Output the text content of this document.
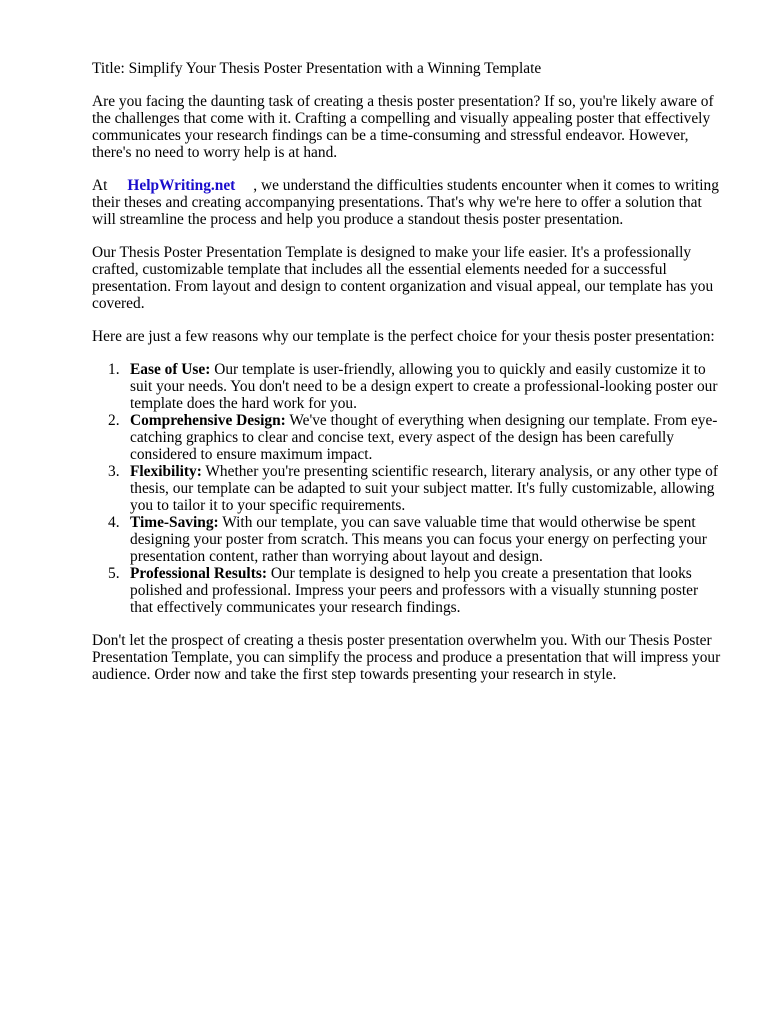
Title: Simplify Your Thesis Poster Presentation with a Winning Template

Are you facing the daunting task of creating a thesis poster presentation? If so, you're likely aware of the challenges that come with it. Crafting a compelling and visually appealing poster that effectively communicates your research findings can be a time-consuming and stressful endeavor. However, there's no need to worry help is at hand.

At HelpWriting.net , we understand the difficulties students encounter when it comes to writing their theses and creating accompanying presentations. That's why we're here to offer a solution that will streamline the process and help you produce a standout thesis poster presentation.

Our Thesis Poster Presentation Template is designed to make your life easier. It's a professionally crafted, customizable template that includes all the essential elements needed for a successful presentation. From layout and design to content organization and visual appeal, our template has you covered.

Here are just a few reasons why our template is the perfect choice for your thesis poster presentation:

1. Ease of Use: Our template is user-friendly, allowing you to quickly and easily customize it to suit your needs. You don't need to be a design expert to create a professional-looking poster our template does the hard work for you.
2. Comprehensive Design: We've thought of everything when designing our template. From eye-catching graphics to clear and concise text, every aspect of the design has been carefully considered to ensure maximum impact.
3. Flexibility: Whether you're presenting scientific research, literary analysis, or any other type of thesis, our template can be adapted to suit your subject matter. It's fully customizable, allowing you to tailor it to your specific requirements.
4. Time-Saving: With our template, you can save valuable time that would otherwise be spent designing your poster from scratch. This means you can focus your energy on perfecting your presentation content, rather than worrying about layout and design.
5. Professional Results: Our template is designed to help you create a presentation that looks polished and professional. Impress your peers and professors with a visually stunning poster that effectively communicates your research findings.

Don't let the prospect of creating a thesis poster presentation overwhelm you. With our Thesis Poster Presentation Template, you can simplify the process and produce a presentation that will impress your audience. Order now and take the first step towards presenting your research in style.
